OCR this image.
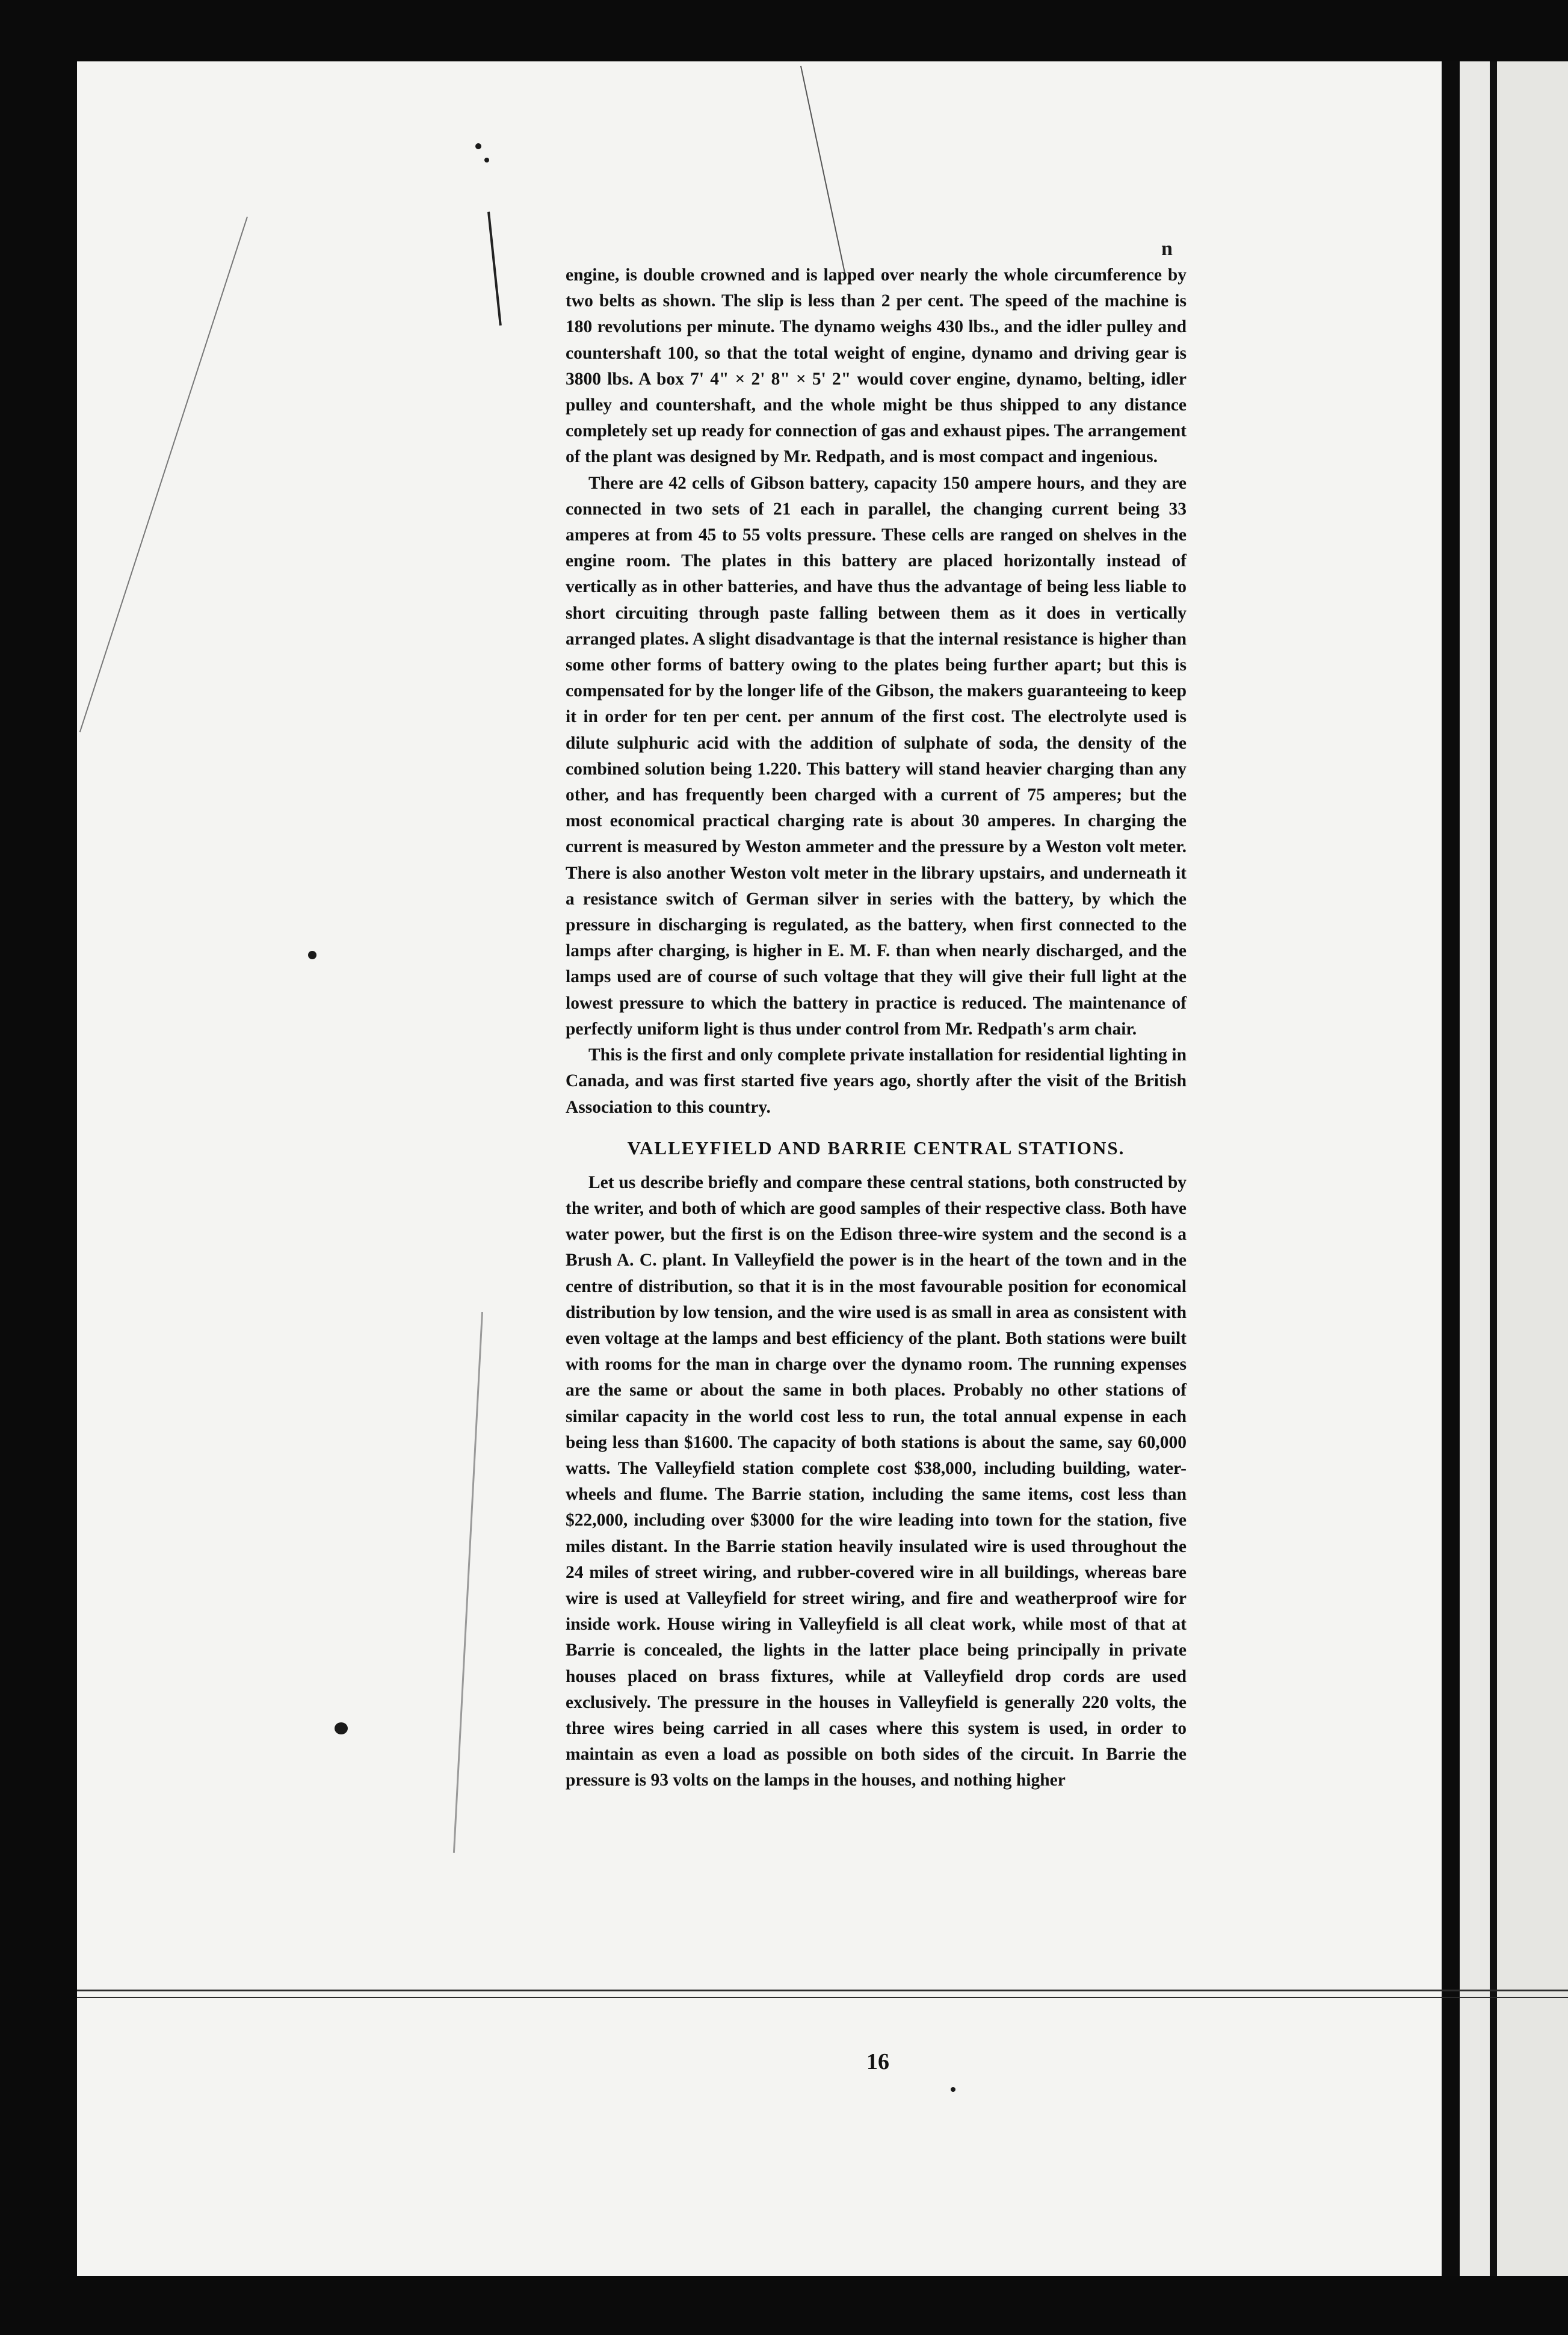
n

engine, is double crowned and is lapped over nearly the whole circumference by two belts as shown. The slip is less than 2 per cent. The speed of the machine is 180 revolutions per minute. The dynamo weighs 430 lbs., and the idler pulley and countershaft 100, so that the total weight of engine, dynamo and driving gear is 3800 lbs. A box 7' 4" × 2' 8" × 5' 2" would cover engine, dynamo, belting, idler pulley and countershaft, and the whole might be thus shipped to any distance completely set up ready for connection of gas and exhaust pipes. The arrangement of the plant was designed by Mr. Redpath, and is most compact and ingenious.

There are 42 cells of Gibson battery, capacity 150 ampere hours, and they are connected in two sets of 21 each in parallel, the changing current being 33 amperes at from 45 to 55 volts pressure. These cells are ranged on shelves in the engine room. The plates in this battery are placed horizontally instead of vertically as in other batteries, and have thus the advantage of being less liable to short circuiting through paste falling between them as it does in vertically arranged plates. A slight disadvantage is that the internal resistance is higher than some other forms of battery owing to the plates being further apart; but this is compensated for by the longer life of the Gibson, the makers guaranteeing to keep it in order for ten per cent. per annum of the first cost. The electrolyte used is dilute sulphuric acid with the addition of sulphate of soda, the density of the combined solution being 1.220. This battery will stand heavier charging than any other, and has frequently been charged with a current of 75 amperes; but the most economical practical charging rate is about 30 amperes. In charging the current is measured by Weston ammeter and the pressure by a Weston volt meter. There is also another Weston volt meter in the library upstairs, and underneath it a resistance switch of German silver in series with the battery, by which the pressure in discharging is regulated, as the battery, when first connected to the lamps after charging, is higher in E. M. F. than when nearly discharged, and the lamps used are of course of such voltage that they will give their full light at the lowest pressure to which the battery in practice is reduced. The maintenance of perfectly uniform light is thus under control from Mr. Redpath's arm chair.

This is the first and only complete private installation for residential lighting in Canada, and was first started five years ago, shortly after the visit of the British Association to this country.

VALLEYFIELD AND BARRIE CENTRAL STATIONS.

Let us describe briefly and compare these central stations, both constructed by the writer, and both of which are good samples of their respective class. Both have water power, but the first is on the Edison three-wire system and the second is a Brush A. C. plant. In Valleyfield the power is in the heart of the town and in the centre of distribution, so that it is in the most favourable position for economical distribution by low tension, and the wire used is as small in area as consistent with even voltage at the lamps and best efficiency of the plant. Both stations were built with rooms for the man in charge over the dynamo room. The running expenses are the same or about the same in both places. Probably no other stations of similar capacity in the world cost less to run, the total annual expense in each being less than $1600. The capacity of both stations is about the same, say 60,000 watts. The Valleyfield station complete cost $38,000, including building, water-wheels and flume. The Barrie station, including the same items, cost less than $22,000, including over $3000 for the wire leading into town for the station, five miles distant. In the Barrie station heavily insulated wire is used throughout the 24 miles of street wiring, and rubber-covered wire in all buildings, whereas bare wire is used at Valleyfield for street wiring, and fire and weatherproof wire for inside work. House wiring in Valleyfield is all cleat work, while most of that at Barrie is concealed, the lights in the latter place being principally in private houses placed on brass fixtures, while at Valleyfield drop cords are used exclusively. The pressure in the houses in Valleyfield is generally 220 volts, the three wires being carried in all cases where this system is used, in order to maintain as even a load as possible on both sides of the circuit. In Barrie the pressure is 93 volts on the lamps in the houses, and nothing higher

16
